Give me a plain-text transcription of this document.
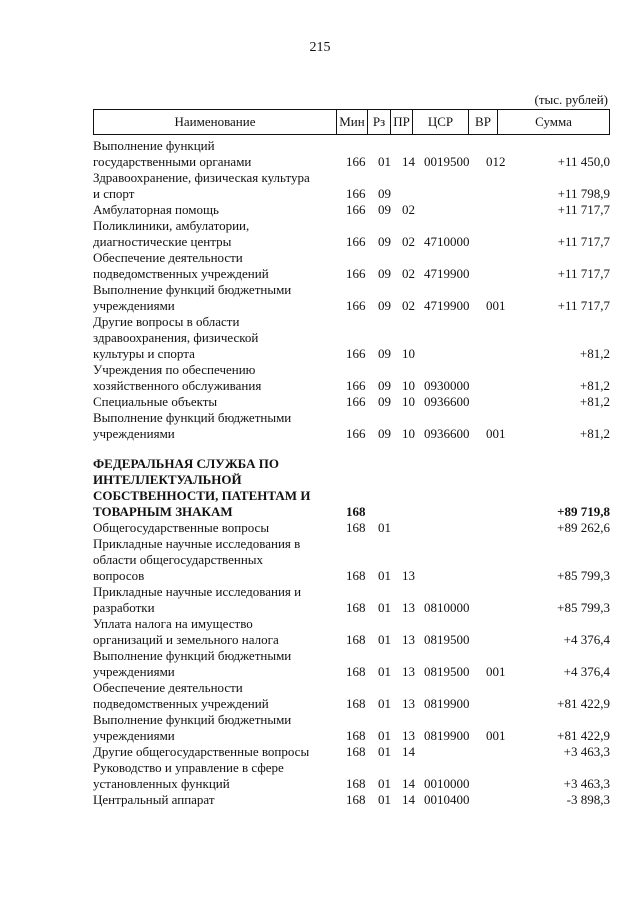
215
(тыс. рублей)
Наименование	Мин Рз ПР	ЦСР	ВР	Сумма
Выполнение функций
государственными органами	166 01 14 0019500	012	+11 450,0
Здравоохранение, физическая культура
и спорт	166 09	+11 798,9
Амбулаторная помощь	166 09 02	+11 717,7
Поликлиники, амбулатории,
диагностические центры	166 09 02 4710000	+11 717,7
Обеспечение деятельности
подведомственных учреждений	166 09 02 4719900	+11 717,7
Выполнение функций бюджетными
учреждениями	166 09 02 4719900	001	+11 717,7
Другие вопросы в области
здравоохранения, физической
культуры и спорта	166 09 10	+81,2
Учреждения по обеспечению
хозяйственного обслуживания	166 09 10 0930000	+81,2
Специальные объекты	166 09 10 0936600	+81,2
Выполнение функций бюджетными
учреждениями	166 09 10 0936600	001	+81,2
ФЕДЕРАЛЬНАЯ СЛУЖБА ПО
ИНТЕЛЛЕКТУАЛЬНОЙ
СОБСТВЕННОСТИ, ПАТЕНТАМ И
ТОВАРНЫМ ЗНАКАМ	168	+89 719,8
Общегосударственные вопросы	168 01	+89 262,6
Прикладные научные исследования в
области общегосударственных
вопросов	168 01 13	+85 799,3
Прикладные научные исследования и
разработки	168 01 13 0810000	+85 799,3
Уплата налога на имущество
организаций и земельного налога	168 01 13 0819500	+4 376,4
Выполнение функций бюджетными
учреждениями	168 01 13 0819500	001	+4 376,4
Обеспечение деятельности
подведомственных учреждений	168 01 13 0819900	+81 422,9
Выполнение функций бюджетными
учреждениями	168 01 13 0819900	001	+81 422,9
Другие общегосударственные вопросы	168 01 14	+3 463,3
Руководство и управление в сфере
установленных функций	168 01 14 0010000	+3 463,3
Центральный аппарат	168 01 14 0010400	-3 898,3
